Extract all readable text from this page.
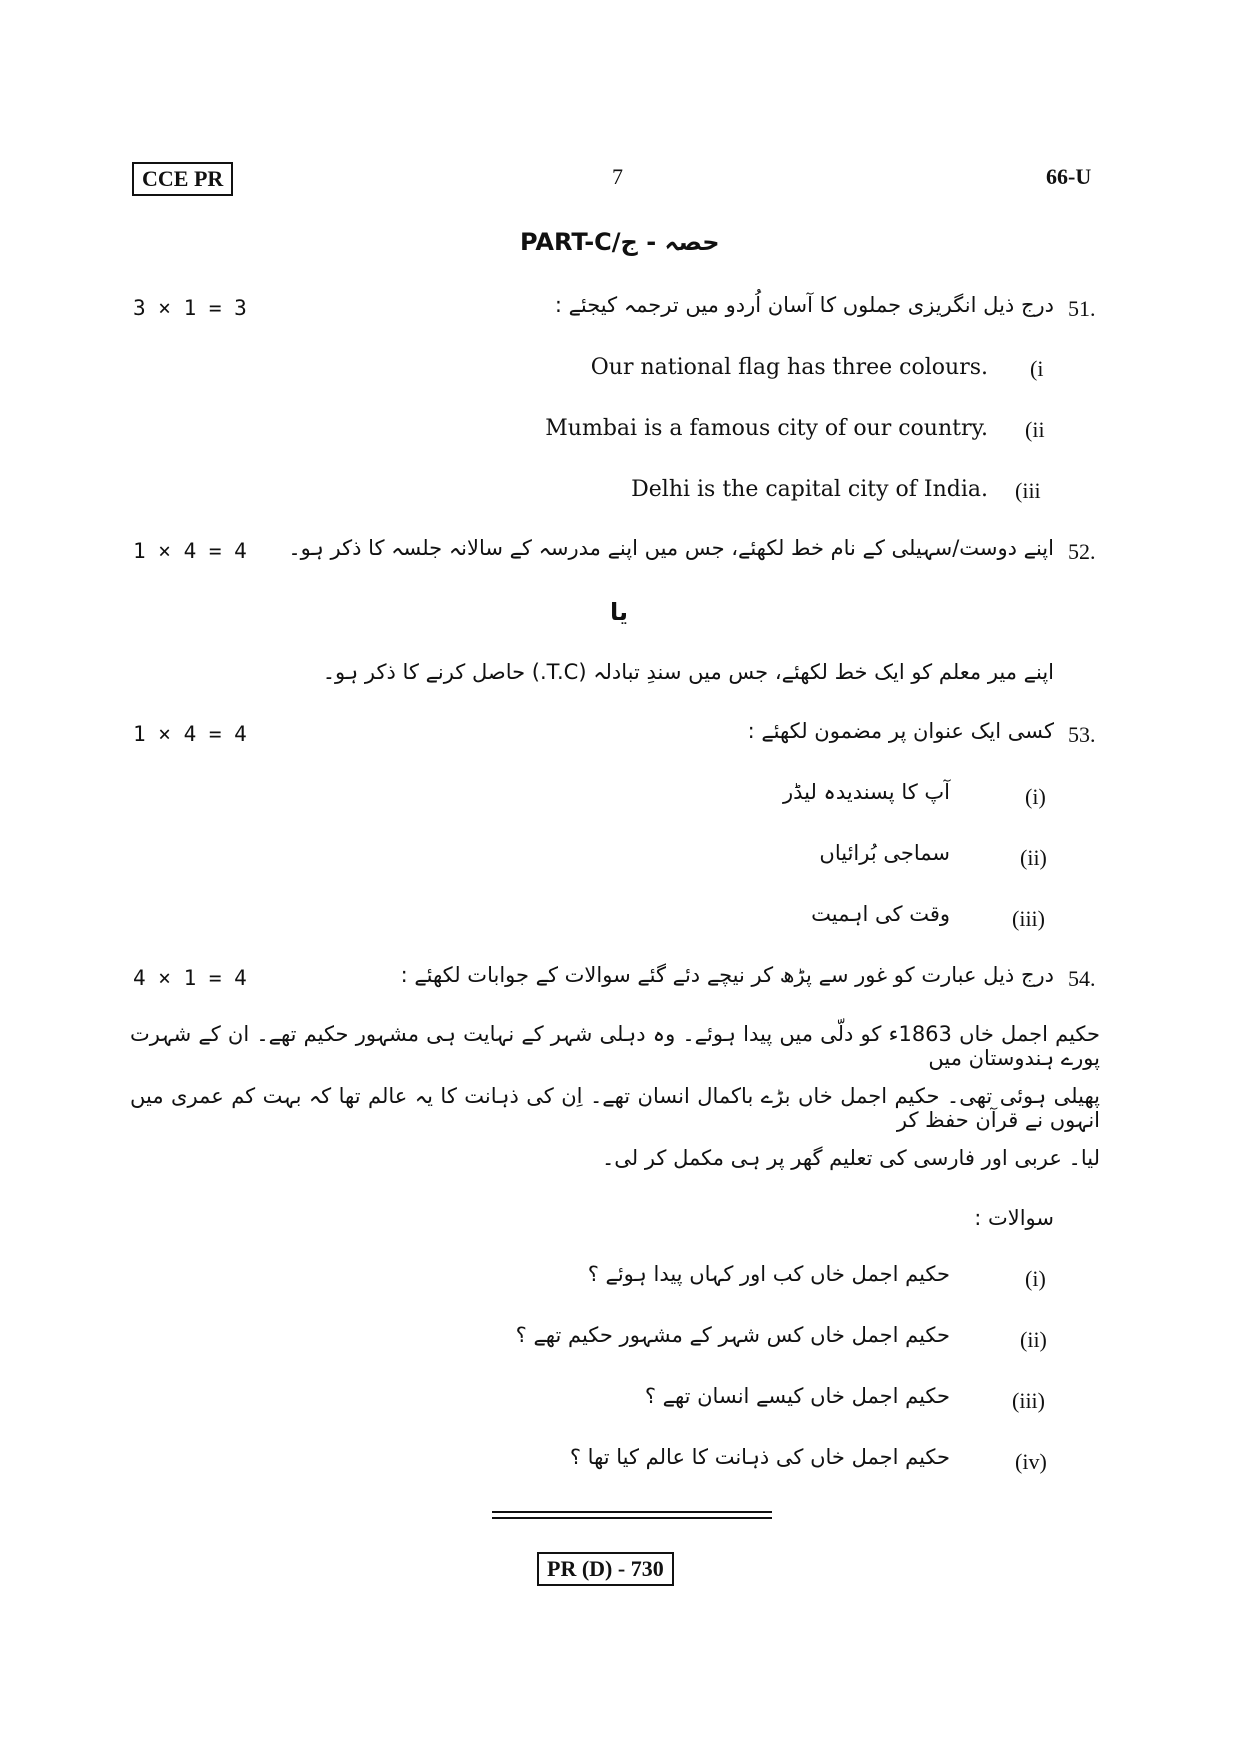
CCE PR	7	66-U
PART-C/حصہ - ج
3 × 1 = 3	درج ذیل انگریزی جملوں کا آسان اُردو میں ترجمہ کیجئے : 51.
Our national flag has three colours. (i
Mumbai is a famous city of our country. (ii
Delhi is the capital city of India. (iii
1 × 4 = 4 اپنے دوست/سہیلی کے نام خط لکھئے، جس میں اپنے مدرسہ کے سالانہ جلسہ کا ذکر ہو۔ 52.
یا
اپنے میر معلم کو ایک خط لکھئے، جس میں سندِ تبادلہ (T.C.) حاصل کرنے کا ذکر ہو۔
1 × 4 = 4	کسی ایک عنوان پر مضمون لکھئے : 53.
آپ کا پسندیدہ لیڈر	(i)
سماجی بُرائیاں	(ii)
وقت کی اہمیت	(iii)
4 × 1 = 4	درج ذیل عبارت کو غور سے پڑھ کر نیچے دئے گئے سوالات کے جوابات لکھئے : 54.
حکیم اجمل خاں 1863ء کو دلّی میں پیدا ہوئے۔ وہ دہلی شہر کے نہایت ہی مشہور حکیم تھے۔ ان کے شہرت پورے ہندوستان میں
پھیلی ہوئی تھی۔ حکیم اجمل خاں بڑے باکمال انسان تھے۔ اِن کی ذہانت کا یہ عالم تھا کہ بہت کم عمری میں انہوں نے قرآن حفظ کر
لیا۔ عربی اور فارسی کی تعلیم گھر پر ہی مکمل کر لی۔
سوالات :
حکیم اجمل خاں کب اور کہاں پیدا ہوئے ؟	(i)
حکیم اجمل خاں کس شہر کے مشہور حکیم تھے ؟	(ii)
حکیم اجمل خاں کیسے انسان تھے ؟	(iii)
حکیم اجمل خاں کی ذہانت کا عالم کیا تھا ؟	(iv)
PR (D) - 730
